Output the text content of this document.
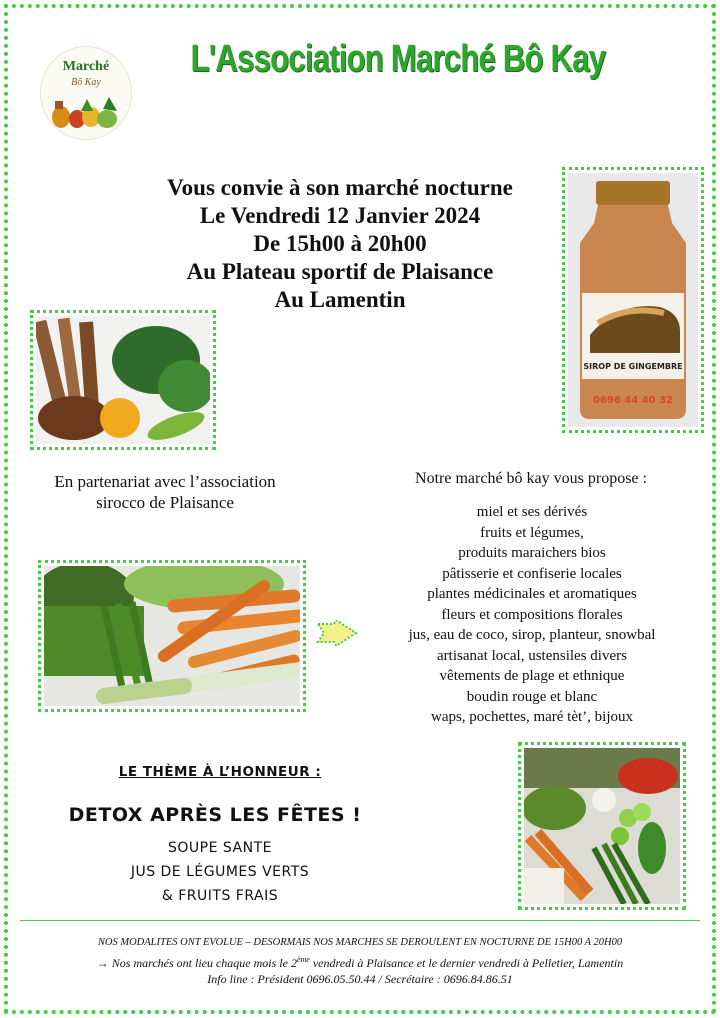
Marché
Bô Kay
L'Association Marché Bô Kay
Vous convie à son marché nocturne
Le Vendredi 12 Janvier 2024
De 15h00 à 20h00
Au Plateau sportif de Plaisance
Au Lamentin
SIROP DE GINGEMBRE
0696 44 40 32
En partenariat avec l’association
sirocco de Plaisance
Notre marché bô kay vous propose :
miel et ses dérivés
fruits et légumes,
produits maraichers bios
pâtisserie et confiserie locales
plantes médicinales et aromatiques
fleurs et compositions florales
jus, eau de coco, sirop, planteur, snowbal
artisanat local, ustensiles divers
vêtements de plage et ethnique
boudin rouge et blanc
waps, pochettes, maré tèt’, bijoux
LE THÈME À L’HONNEUR :
DETOX APRÈS LES FÊTES !
SOUPE SANTE
JUS DE LÉGUMES VERTS
& FRUITS FRAIS
NOS MODALITES ONT EVOLUE – DESORMAIS NOS MARCHES SE DEROULENT EN NOCTURNE DE 15H00 A 20H00
→ Nos marchés ont lieu chaque mois le 2ème vendredi à Plaisance et le dernier vendredi à Pelletier, Lamentin
Info line : Président 0696.05.50.44 / Secrétaire : 0696.84.86.51
